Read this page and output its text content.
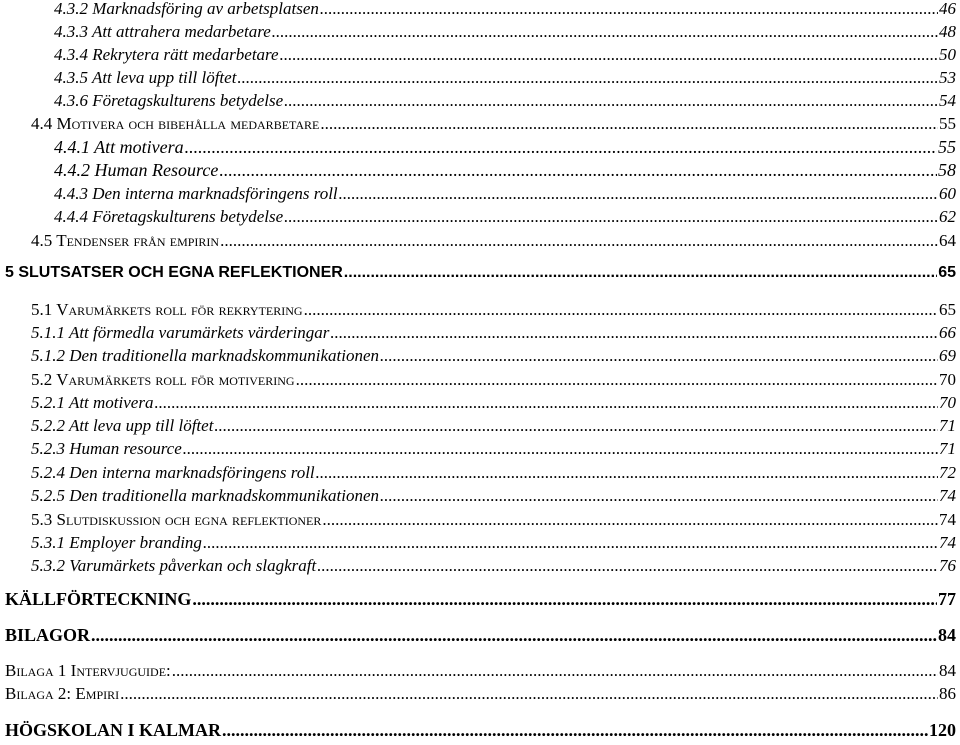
4.3.2 Marknadsföring av arbetsplatsen .....	46
4.3.3 Att attrahera medarbetare .....	48
4.3.4 Rekrytera rätt medarbetare .....	50
4.3.5 Att leva upp till löftet .....	53
4.3.6 Företagskulturens betydelse .....	54
4.4 Motivera och bibehålla medarbetare .....	55
4.4.1 Att motivera .....	55
4.4.2 Human Resource .....	58
4.4.3 Den interna marknadsföringens roll .....	60
4.4.4 Företagskulturens betydelse .....	62
4.5 Tendenser från empirin .....	64
5 SLUTSATSER OCH EGNA REFLEKTIONER .....	65
5.1 Varumärkets roll för rekrytering .....	65
5.1.1 Att förmedla varumärkets värderingar .....	66
5.1.2 Den traditionella marknadskommunikationen .....	69
5.2 Varumärkets roll för motivering .....	70
5.2.1 Att motivera .....	70
5.2.2 Att leva upp till löftet .....	71
5.2.3 Human resource .....	71
5.2.4 Den interna marknadsföringens roll .....	72
5.2.5 Den traditionella marknadskommunikationen .....	74
5.3 Slutdiskussion och egna reflektioner .....	74
5.3.1 Employer branding .....	74
5.3.2 Varumärkets påverkan och slagkraft .....	76
KÄLLFÖRTECKNING .....	77
BILAGOR .....	84
Bilaga 1 Intervjuguide: .....	84
Bilaga 2: Empiri .....	86
HÖGSKOLAN I KALMAR .....	120
